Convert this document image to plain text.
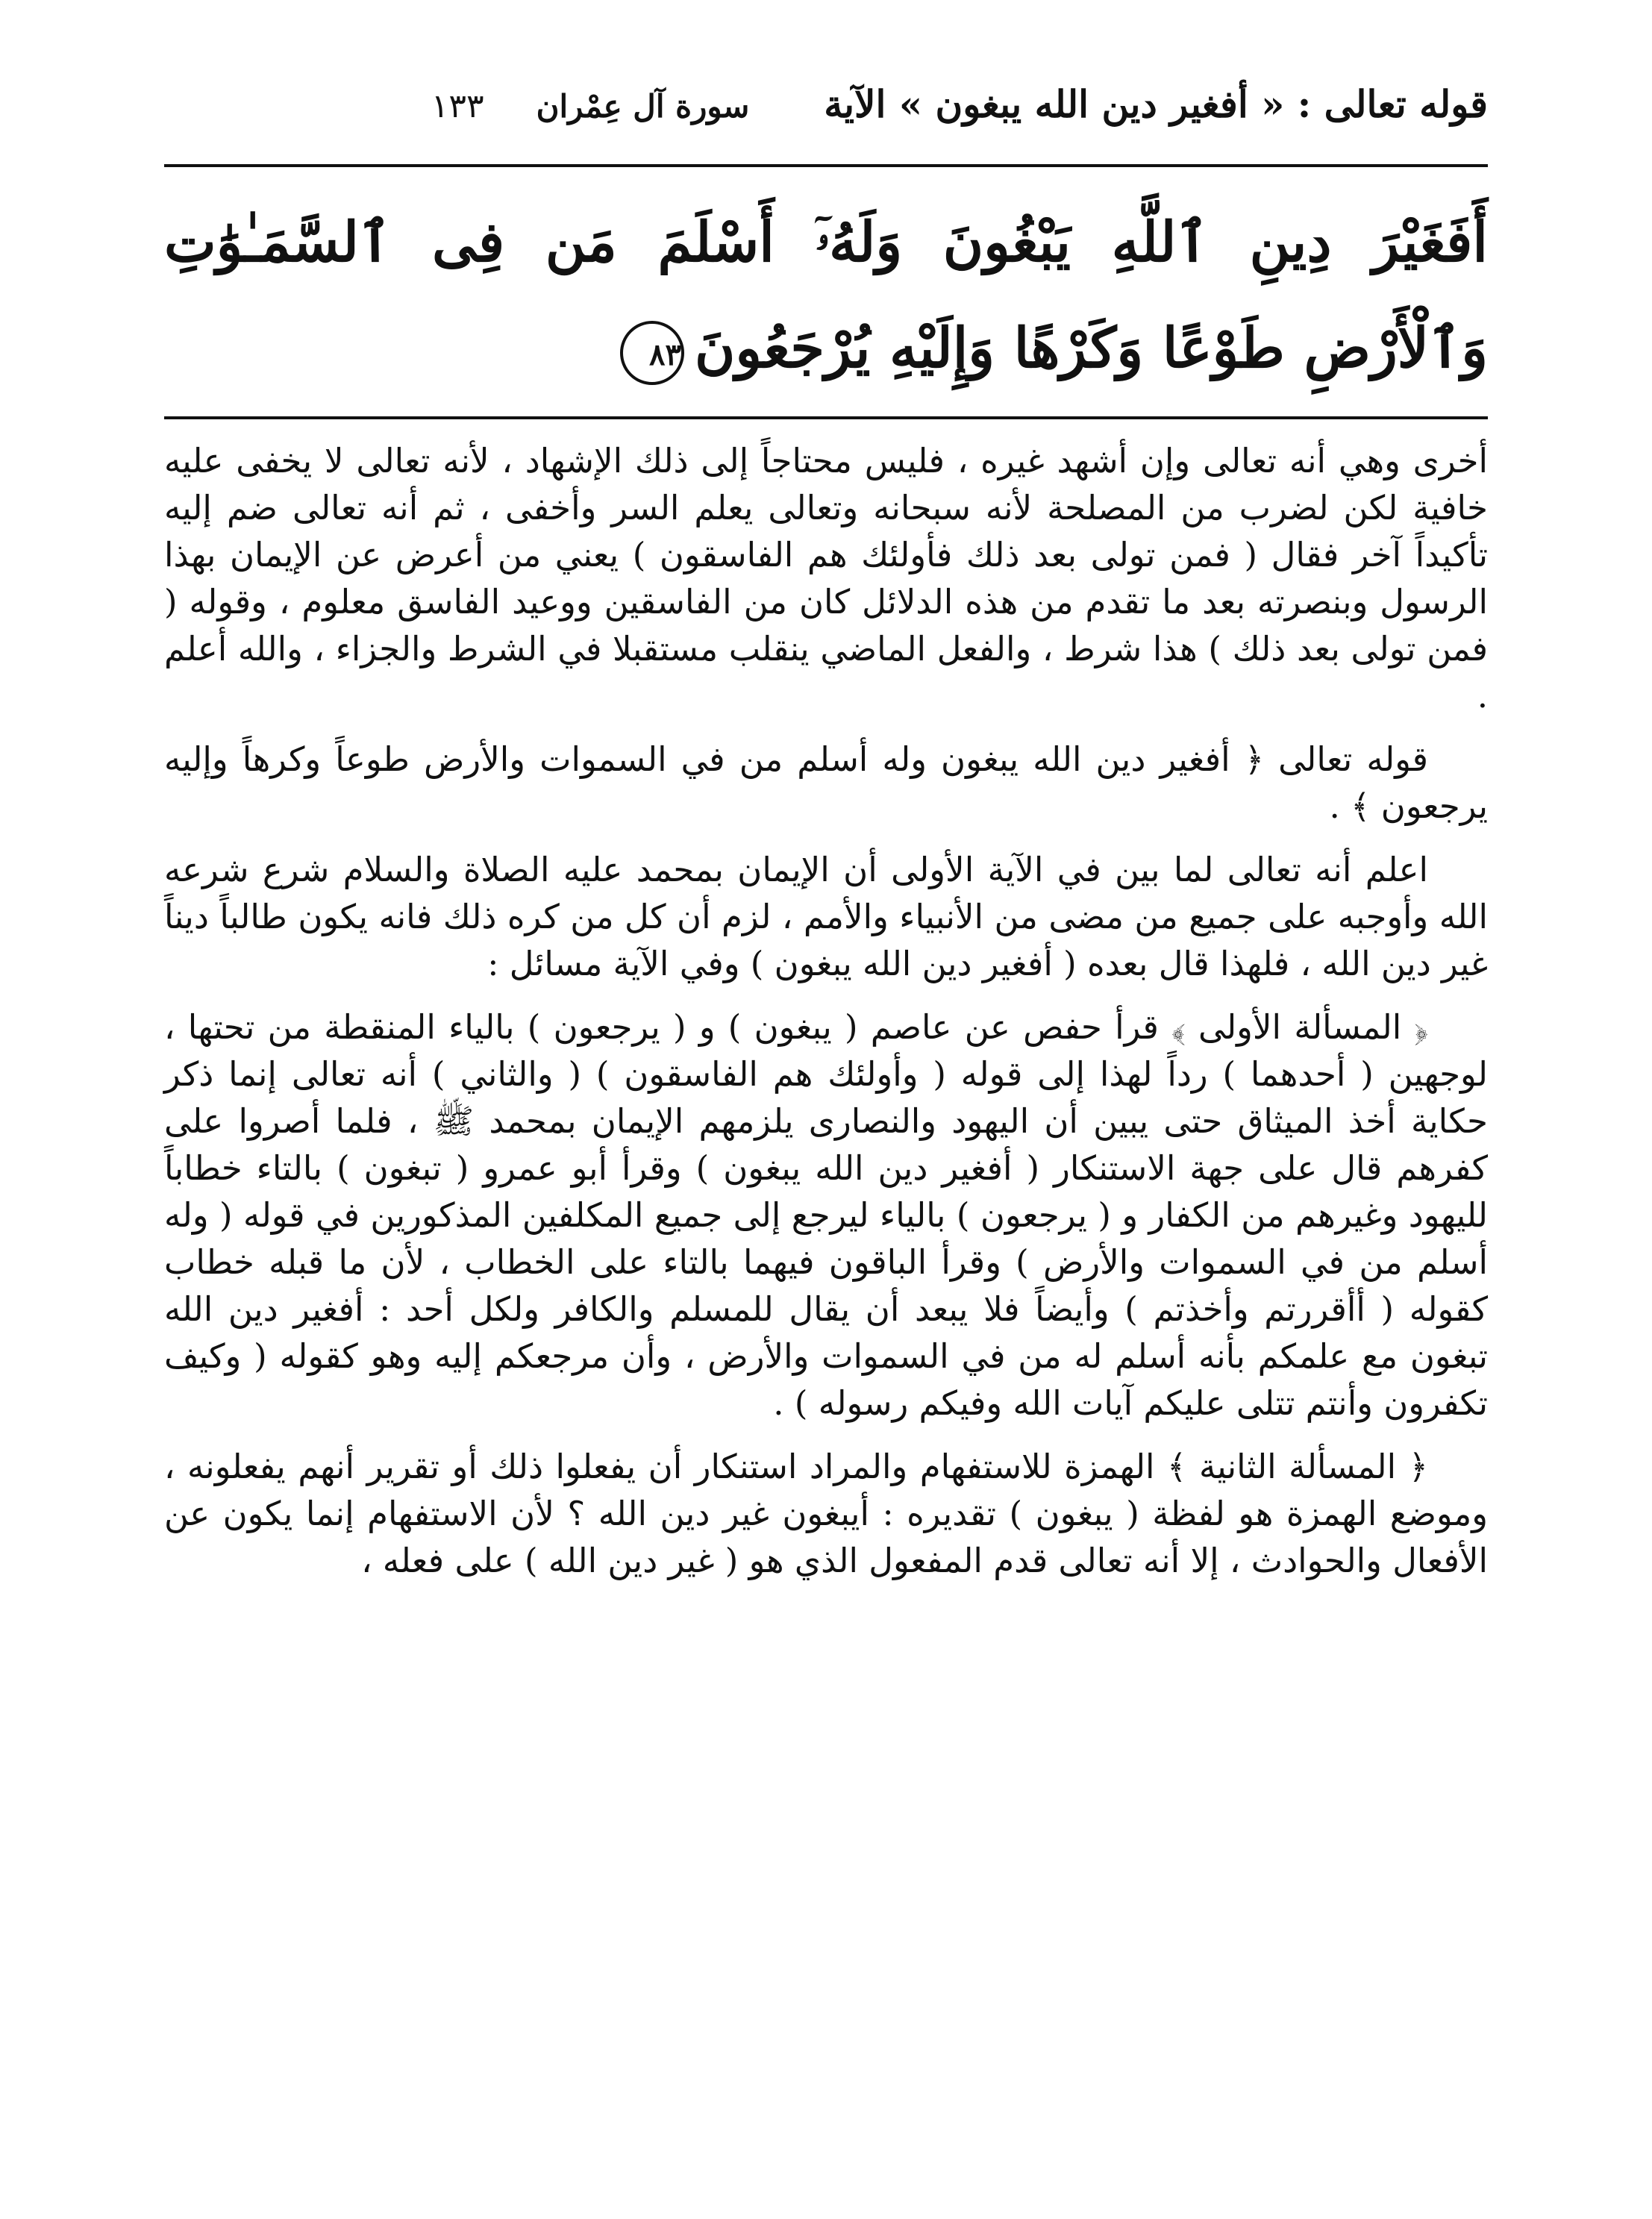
قوله تعالى : « أفغير دين الله يبغون » الآية
سورة آل عِمْران
١٣٣

أَفَغَيْرَ دِينِ ٱللَّهِ يَبْغُونَ وَلَهُۥٓ أَسْلَمَ مَن فِى ٱلسَّمَـٰوَٰتِ وَٱلْأَرْضِ طَوْعًا وَكَرْهًا وَإِلَيْهِ يُرْجَعُونَ٨٣

أخرى وهي أنه تعالى وإن أشهد غيره ، فليس محتاجاً إلى ذلك الإشهاد ، لأنه تعالى لا يخفى عليه خافية لكن لضرب من المصلحة لأنه سبحانه وتعالى يعلم السر وأخفى ، ثم أنه تعالى ضم إليه تأكيداً آخر فقال ( فمن تولى بعد ذلك فأولئك هم الفاسقون ) يعني من أعرض عن الإيمان بهذا الرسول وبنصرته بعد ما تقدم من هذه الدلائل كان من الفاسقين ووعيد الفاسق معلوم ، وقوله ( فمن تولى بعد ذلك ) هذا شرط ، والفعل الماضي ينقلب مستقبلا في الشرط والجزاء ، والله أعلم .

قوله تعالى ﴿ أفغير دين الله يبغون وله أسلم من في السموات والأرض طوعاً وكرهاً وإليه يرجعون ﴾ .

اعلم أنه تعالى لما بين في الآية الأولى أن الإيمان بمحمد عليه الصلاة والسلام شرع شرعه الله وأوجبه على جميع من مضى من الأنبياء والأمم ، لزم أن كل من كره ذلك فانه يكون طالباً ديناً غير دين الله ، فلهذا قال بعده ( أفغير دين الله يبغون ) وفي الآية مسائل :

﴿ المسألة الأولى ﴾ قرأ حفص عن عاصم ( يبغون ) و ( يرجعون ) بالياء المنقطة من تحتها ، لوجهين ( أحدهما ) رداً لهذا إلى قوله ( وأولئك هم الفاسقون ) ( والثاني ) أنه تعالى إنما ذكر حكاية أخذ الميثاق حتى يبين أن اليهود والنصارى يلزمهم الإيمان بمحمد ﷺ ، فلما أصروا على كفرهم قال على جهة الاستنكار ( أفغير دين الله يبغون ) وقرأ أبو عمرو ( تبغون ) بالتاء خطاباً لليهود وغيرهم من الكفار و ( يرجعون ) بالياء ليرجع إلى جميع المكلفين المذكورين في قوله ( وله أسلم من في السموات والأرض ) وقرأ الباقون فيهما بالتاء على الخطاب ، لأن ما قبله خطاب كقوله ( أأقررتم وأخذتم ) وأيضاً فلا يبعد أن يقال للمسلم والكافر ولكل أحد : أفغير دين الله تبغون مع علمكم بأنه أسلم له من في السموات والأرض ، وأن مرجعكم إليه وهو كقوله ( وكيف تكفرون وأنتم تتلى عليكم آيات الله وفيكم رسوله ) .

﴿ المسألة الثانية ﴾ الهمزة للاستفهام والمراد استنكار أن يفعلوا ذلك أو تقرير أنهم يفعلونه ، وموضع الهمزة هو لفظة ( يبغون ) تقديره : أيبغون غير دين الله ؟ لأن الاستفهام إنما يكون عن الأفعال والحوادث ، إلا أنه تعالى قدم المفعول الذي هو ( غير دين الله ) على فعله ،
